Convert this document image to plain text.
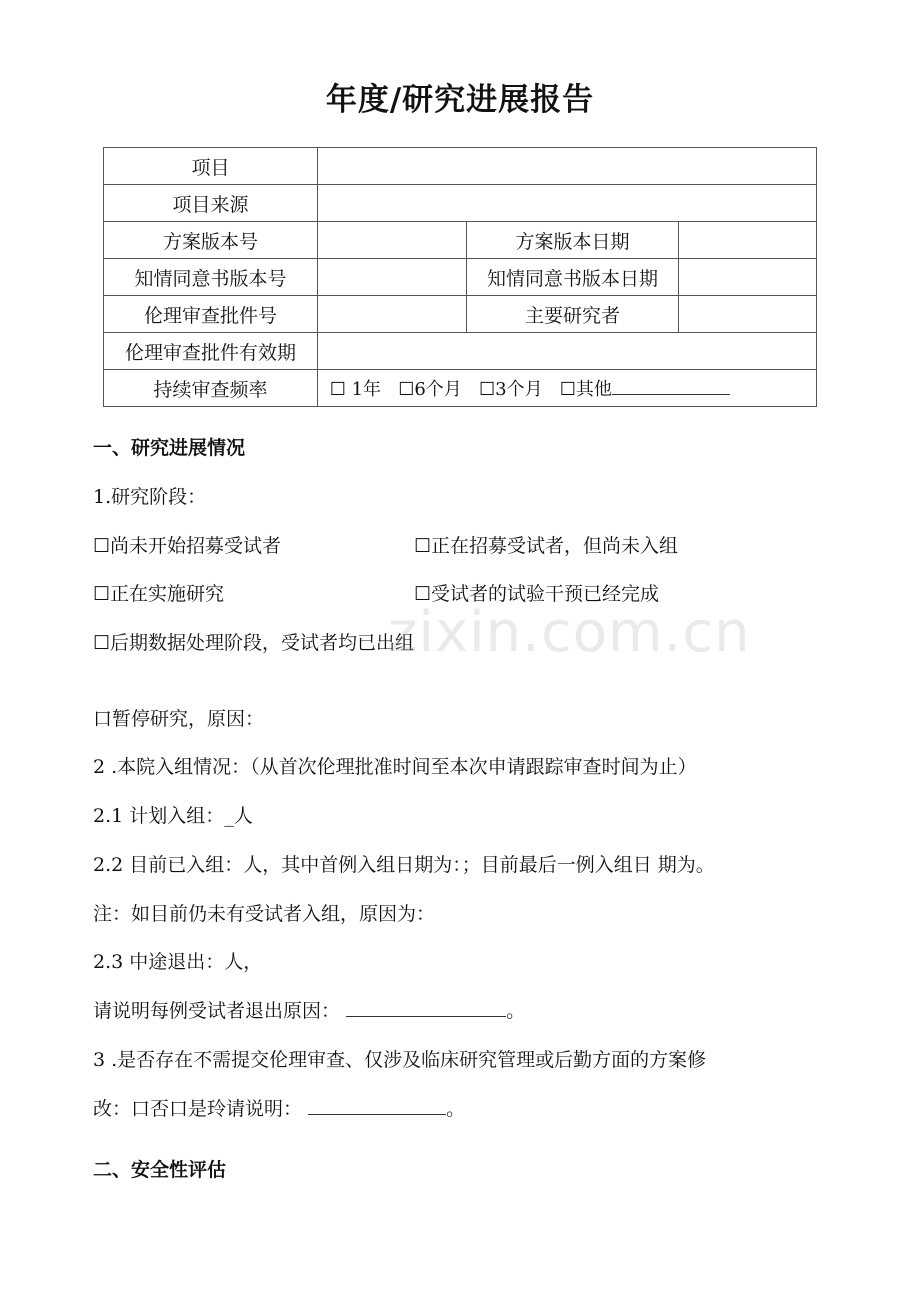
年度/研究进展报告
项目			
项目来源			
方案版本号		方案版本日期	
知情同意书版本号		知情同意书版本日期	
伦理审查批件号		主要研究者	
伦理审查批件有效期			
持续审查频率	☐ 1年 ☐6个月 ☐3个月 ☐其他		
一、研究进展情况
1.研究阶段：
☐尚未开始招募受试者	☐正在招募受试者，但尚未入组
☐正在实施研究	☐受试者的试验干预已经完成
☐后期数据处理阶段，受试者均已出组
口暂停研究，原因：
2 .本院入组情况：（从首次伦理批准时间至本次申请跟踪审查时间为止）
2.1 计划入组：_人
2.2 目前已入组：人，其中首例入组日期为：；目前最后一例入组日 期为。
注：如目前仍未有受试者入组，原因为：
2.3 中途退出：人，
请说明每例受试者退出原因：	。
3 .是否存在不需提交伦理审查、仅涉及临床研究管理或后勤方面的方案修
改：口否口是玲请说明：	。
二、安全性评估
zixin.com.cn
